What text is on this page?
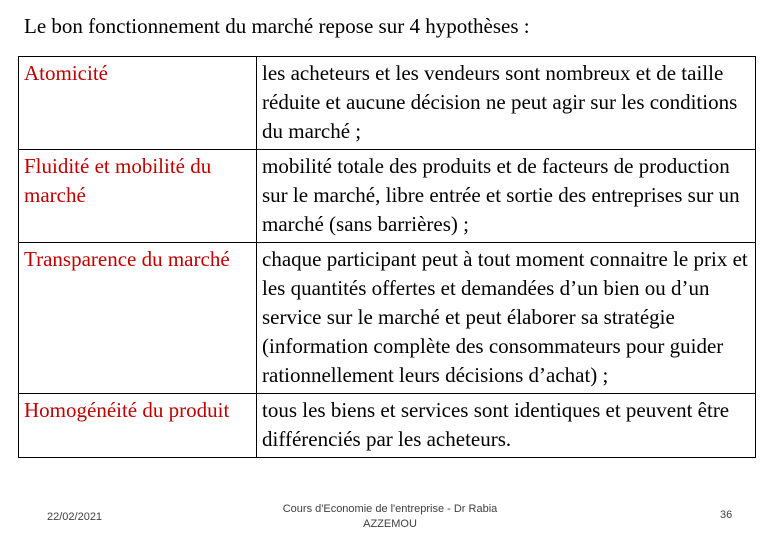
Le bon fonctionnement du marché repose sur 4 hypothèses :
Atomicité	les acheteurs et les vendeurs sont nombreux et de taille réduite et aucune décision ne peut agir sur les conditions du marché ;
Fluidité et mobilité du marché	mobilité totale des produits et de facteurs de production sur le marché, libre entrée et sortie des entreprises sur un marché (sans barrières) ;
Transparence du marché	chaque participant peut à tout moment connaitre le prix et les quantités offertes et demandées d’un bien ou d’un service sur le marché et peut élaborer sa stratégie (information complète des consommateurs pour guider rationnellement leurs décisions d’achat) ;
Homogénéité du produit	tous les biens et services sont identiques et peuvent être différenciés par les acheteurs.
22/02/2021
Cours d'Economie de l'entreprise - Dr Rabia AZZEMOU
36
